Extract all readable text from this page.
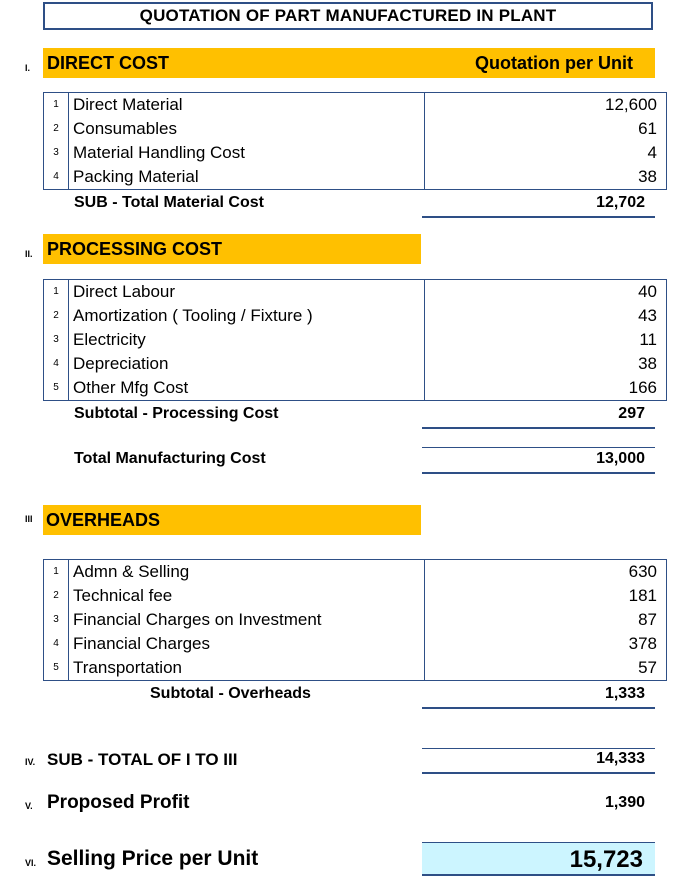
QUOTATION OF PART MANUFACTURED IN PLANT
I. DIRECT COST	Quotation per Unit
1	Direct Material	12,600
2	Consumables	61
3	Material Handling Cost	4
4	Packing Material	38
SUB - Total Material Cost	12,702
II. PROCESSING COST
1	Direct Labour	40
2	Amortization ( Tooling / Fixture )	43
3	Electricity	11
4	Depreciation	38
5	Other Mfg Cost	166
Subtotal - Processing Cost	297
Total Manufacturing Cost	13,000
III OVERHEADS
1	Admn & Selling	630
2	Technical fee	181
3	Financial Charges on Investment	87
4	Financial Charges	378
5	Transportation	57
Subtotal - Overheads	1,333
IV. SUB - TOTAL OF I TO III	14,333
V. Proposed Profit	1,390
VI. Selling Price per Unit	15,723
